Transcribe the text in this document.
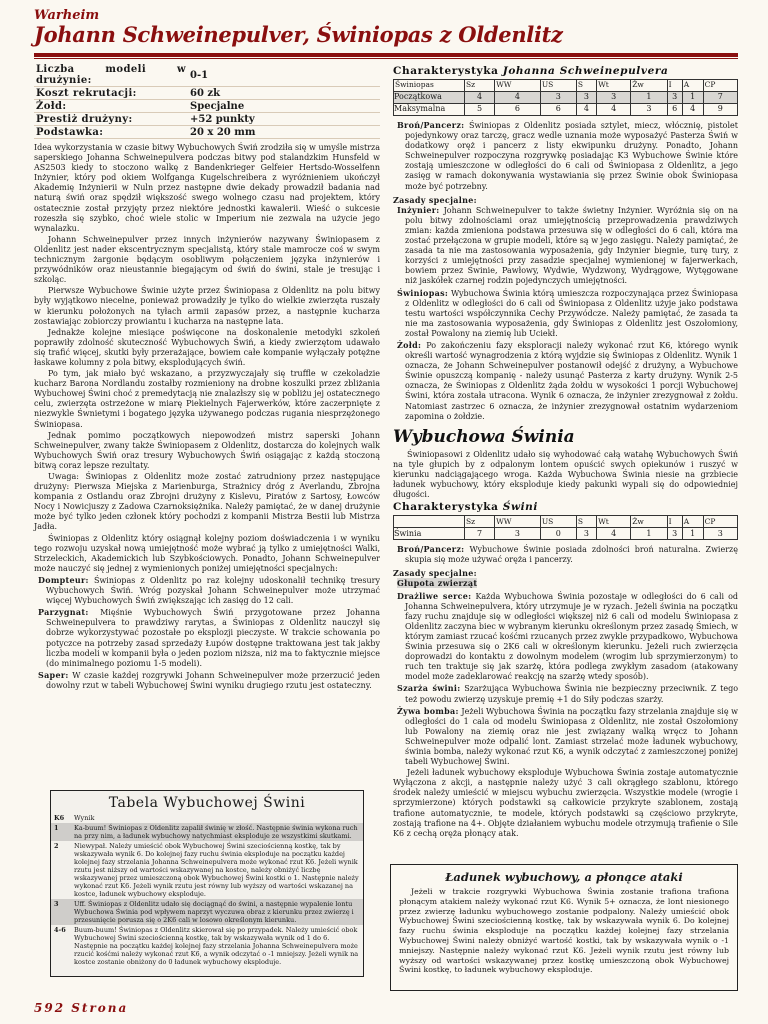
Warheim
Johann Schweinepulver, Świniopas z Oldenlitz
Liczba modeli w drużynie:	0-1
Koszt rekrutacji:	60 zk
Żołd:	Specjalne
Prestiż drużyny:	+52 punkty
Podstawka:	20 x 20 mm

Idea wykorzystania w czasie bitwy Wybuchowych Świń zrodziła się w umyśle mistrza saperskiego Johanna Schweinepulvera podczas bitwy pod stalandzkim Hunsfeld w AS2503 kiedy to stoczono walkę z Bandenkrieger Gelfeier Hertsdo-Wosselfenn Inżynier, który pod okiem Wolfganga Kugelschreibera z wyróżnieniem ukończył Akademię Inżynierii w Nuln przez następne dwie dekady prowadził badania nad naturą świń oraz spędził większość swego wolnego czasu nad projektem, który ostatecznie został przyjęty przez niektóre jednostki kawalerii. Wieść o sukcesie rozeszła się szybko, choć wiele stolic w Imperium nie zezwala na użycie jego wynalazku.

Johann Schweinepulver przez innych inżynierów nazywany Świniopasem z Oldenlitz jest nader ekscentrycznym specjalistą, który stale mamrocze coś w swym technicznym żargonie będącym osobliwym połączeniem języka inżynierów i przywódników oraz nieustannie biegającym od świń do świni, stale je tresując i szkoląc.

Pierwsze Wybuchowe Świnie użyte przez Świniopasa z Oldenlitz na polu bitwy były wyjątkowo niecelne, ponieważ prowadziły je tylko do wielkie zwierzęta ruszały w kierunku położonych na tyłach armii zapasów przez, a następnie kucharza zostawiając zobiorczy prowiantu i kucharza na następne lata.

Jednakże kolejne miesiące poświęcone na doskonalenie metodyki szkoleń poprawiły zdolność skuteczność Wybuchowych Świń, a kiedy zwierzętom udawało się trafić więcej, skutki były przerażające, bowiem całe kompanie wyłączały potężne łaskawe kolumny z pola bitwy, eksplodujących świń.

Po tym, jak miało być wskazano, a przyzwyczajały się truffle w czekoladzie kucharz Barona Nordlandu zostałby rozmieniony na drobne koszulki przez zbliżania Wybuchowej Świni choć z premedytacją nie znalazłszy się w pobliżu jej ostatecznego celu, zwierzęta ostrzeżone w miarę Piekielnych Fajerwerków, które zaczerpnięte z niezwykle Śwnietymi i bogatego języka używanego podczas rugania niesprzężonego Świniopasa.

Jednak pomimo początkowych niepowodzeń mistrz saperski Johann Schweinepulver, zwany także Świniopasem z Oldenlitz, dostarcza do kolejnych walk Wybuchowych Świń oraz tresury Wybuchowych Świń osiągając z każdą stoczoną bitwą coraz lepsze rezultaty.

Uwaga: Świniopas z Oldenlitz może zostać zatrudniony przez następujące drużyny: Pierwsza Miejska z Marienburga, Strażnicy dróg z Averlandu, Zbrojna kompania z Ostlandu oraz Zbrojni drużyny z Kislevu, Piratów z Sartosy, Łowców Nocy i Nowicjuszy z Zadowa Czarnoksiężnika. Należy pamiętać, że w danej drużynie może być tylko jeden członek który pochodzi z kompanii Mistrza Bestii lub Mistrza Jadła.

Świniopas z Oldenlitz który osiągnął kolejny poziom doświadczenia i w wyniku tego rozwoju uzyskał nową umiejętność może wybrać ją tylko z umiejętności Walki, Strzeleckich, Akademickich lub Szybkościowych. Ponadto, Johann Schweinepulver może nauczyć się jednej z wymienionych poniżej umiejętności specjalnych:

Dompteur: Świniopas z Oldenlitz po raz kolejny udoskonalił technikę tresury Wybuchowych Świń. Wróg pozyskał Johann Schweinepulver może utrzymać więcej Wybuchowych Świń zwiększając ich zasięg do 12 cali.
Parzygnat: Mięśnie Wybuchowych Świń przygotowane przez Johanna Schweinepulvera to prawdziwy rarytas, a Świniopas z Oldenlitz nauczył się dobrze wykorzystywać pozostałe po eksplozji pieczyste. W trakcie schowania po potyczce na potrzeby zasad sprzedaży Łupów dostępne traktowana jest tak jakby liczba modeli w kompanii była o jeden poziom niższa, niż ma to faktycznie miejsce (do minimalnego poziomu 1-5 modeli).
Saper: W czasie każdej rozgrywki Johann Schweinepulver może przerzucić jeden dowolny rzut w tabeli Wybuchowej Świni wyniku drugiego rzutu jest ostateczny.
Tabela Wybuchowej Świni
K6	Wynik
1	Ka-buum! Świniopas z Oldenlitz zapalił świnię w złość. Następnie świnia wykona ruch na przy nim, a ładunek wybuchowy natychmiast eksploduje ze wszystkimi skutkami.
2	Niewypał. Należy umieścić obok Wybuchowej Świni szeciościenną kostkę, tak by wskazywała wynik 6. Do kolejnej fazy ruchu świnia eksploduje na początku każdej kolejnej fazy strzelania Johanna Schweinepulvera może wykonać rzut K6. Jeżeli wynik rzutu jest niższy od wartości wskazywanej na kostce, należy obniżyć liczbę wskazywanej przez umieszczoną obok Wybuchowej Świni kostki o 1. Następnie należy wykonać rzut K6. Jeżeli wynik rzutu jest równy lub wyższy od wartości wskazanej na kostce, ładunek wybuchowy eksploduje.
3	Uff. Świniopas z Oldenlitz udało się dociągnąć do świni, a następnie wypalenie lontu Wybuchowa Świnia pod wpływem naprzyt wyczuwa obraz z kierunku przez zwierzę i przesunięcie porusza się o 2K6 cali w losowo określonym kierunku.
4-6	Buum-buum! Świniopas z Oldenlitz skierował się po przypadek. Należy umieścić obok Wybuchowej Świni szeciościenną kostkę, tak by wskazywała wynik od 1 do 6. Następnie na początku każdej kolejnej fazy strzelania Johanna Schweinepulvera może rzucić kośćmi należy wykonać rzut K6, a wynik odczytać o -1 mniejszy. Jeżeli wynik na kostce zostanie obniżony do 0 ładunek wybuchowy eksploduje.
Charakterystyka Johanna Schweinepulvera
Świniopas	Sz	WW	US	S	Wt	Żw	I	A	CP
Początkowa	4	4	3	3	3	1	3	1	7
Maksymalna	5	6	6	4	4	3	6	4	9
Broń/Pancerz: Świniopas z Oldenlitz posiada sztylet, miecz, włócznię, pistolet pojedynkowy oraz tarczę, gracz wedle uznania może wyposażyć Pasterza Świń w dodatkowy oręż i pancerz z listy ekwipunku drużyny. Ponadto, Johann Schweinepulver rozpoczyna rozgrywkę posiadając K3 Wybuchowe Świnie które zostają umieszczone w odległości do 6 cali od Świniopasa z Oldenlitz, a jego zasięg w ramach dokonywania wystawiania się przez Świnie obok Świniopasa może być potrzebny.
Zasady specjalne:
Inżynier: Johann Schweinepulver to także świetny Inżynier. Wyróżnia się on na polu bitwy zdolnościami oraz umiejętnością przeprowadzenia prawdziwych zmian: każda zmieniona podstawa przesuwa się w odległości do 6 cali, która ma zostać przełączona w grupie modeli, które są w jego zasięgu. Należy pamiętać, że zasada ta nie ma zastosowania wyposażenia, gdy Inżynier biegnie, turę tury, z korzyści z umiejętności przy zasadzie specjalnej wymienionej w fajerwerkach, bowiem przez Świnie, Pawłowy, Wydwie, Wydzwony, Wydrągowe, Wytęgowane niż jaskółek czarnej rodzin pojedynczych umiejętności.
Świniopas: Wybuchowa Świnia którą umieszcza rozpoczynająca przez Świniopasa z Oldenlitz w odległości do 6 cali od Świniopasa z Oldenlitz użyje jako podstawa testu wartości współczynnika Cechy Przywódcze. Należy pamiętać, że zasada ta nie ma zastosowania wyposażenia, gdy Świniopas z Oldenlitz jest Oszołomiony, został Powalony na ziemię lub Uciekł.
Żołd: Po zakończeniu fazy eksploracji należy wykonać rzut K6, którego wynik określi wartość wynagrodzenia z którą wyjdzie się Świniopas z Oldenlitz. Wynik 1 oznacza, że Johann Schweinepulver postanowił odejść z drużyny, a Wybuchowe Świnie opuszczą kompanię - należy usunąć Pasterza z karty drużyny. Wynik 2-5 oznacza, że Świniopas z Oldenlitz żąda żołdu w wysokości 1 porcji Wybuchowej Świni, która została utracona. Wynik 6 oznacza, że inżynier zrezygnował z żołdu. Natomiast zastrzec 6 oznacza, że inżynier zrezygnował ostatnim wydarzeniom zapomina o żołdzie.
Wybuchowa Świnia

Świniopasowi z Oldenlitz udało się wyhodować całą watahę Wybuchowych Świń na tyle głupich by z odpalonym lontem opuścić swych opiekunów i ruszyć w kierunku nadciągającego wroga. Każda Wybuchowa Świnia niesie na grzbiecie ładunek wybuchowy, który eksploduje kiedy pakunki wypali się do odpowiedniej długości.

Charakterystyka Świni
	Sz	WW	US	S	Wt	Żw	I	A	CP
Świnia	7	3	0	3	4	1	3	1	3
Broń/Pancerz: Wybuchowe Świnie posiada zdolności broń naturalna. Zwierzę skupia się może używać oręża i pancerzy.
Zasady specjalne:
Głupota zwierząt
Drażliwe serce: Każda Wybuchowa Świnia pozostaje w odległości do 6 cali od Johanna Schweinepulvera, który utrzymuje je w ryzach. Jeżeli świnia na początku fazy ruchu znajduje się w odległości większej niż 6 cali od modelu Świniopasa z Oldenlitz zaczyna biec w wybranym kierunku określonym przez zasadę Śmiech, w którym zamiast rzucać kośćmi rzucanych przez zwykle przypadkowo, Wybuchowa Świnia przesuwa się o 2K6 cali w określonym kierunku. Jeżeli ruch zwierzęcia doprowadzi do kontaktu z dowolnym modelem (wrogim lub sprzymierzonym) to ruch ten traktuje się jak szarżę, która podlega zwykłym zasadom (atakowany model może zadeklarować reakcję na szarżę wtedy sposób).
Szarża świni: Szarżująca Wybuchowa Świnia nie bezpieczny przeciwnik. Z tego też powodu zwierzę uzyskuje premię +1 do Siły podczas szarży.
Żywa bomba: Jeżeli Wybuchowa Świnia na początku fazy strzelania znajduje się w odległości do 1 cala od modelu Świniopasa z Oldenlitz, nie został Oszołomiony lub Powalony na ziemię oraz nie jest związany walką wręcz to Johann Schweinepulver może odpalić lont. Zamiast strzelać może ładunek wybuchowy, świnia bomba, należy wykonać rzut K6, a wynik odczytać z zamieszczonej poniżej tabeli Wybuchowej Świni.

Jeżeli ładunek wybuchowy eksploduje Wybuchowa Świnia zostaje automatycznie Wyłączona z akcji, a następnie należy użyć 3 cali okrągłego szablonu, którego środek należy umieścić w miejscu wybuchu zwierzęcia. Wszystkie modele (wrogie i sprzymierzone) których podstawki są całkowicie przykryte szablonem, zostają trafione automatycznie, te modele, których podstawki są częściowo przykryte, zostają trafione na 4+. Objęte działaniem wybuchu modele otrzymują trafienie o Sile K6 z cechą oręża płonący atak.

Ładunek wybuchowy, a płonące ataki
Jeżeli w trakcie rozgrywki Wybuchowa Świnia zostanie trafiona trafiona płonącym atakiem należy wykonać rzut K6. Wynik 5+ oznacza, że lont niesionego przez zwierzę ładunku wybuchowego zostanie podpalony. Należy umieścić obok Wybuchowej Świni szeciościenną kostkę, tak by wskazywała wynik 6. Do kolejnej fazy ruchu świnia eksploduje na początku każdej kolejnej fazy strzelania Wybuchowej Świni należy obniżyć wartość kostki, tak by wskazywała wynik o -1 mniejszy. Następnie należy wykonać rzut K6. Jeżeli wynik rzutu jest równy lub wyższy od wartości wskazywanej przez kostkę umieszczoną obok Wybuchowej Świni kostkę, to ładunek wybuchowy eksploduje.
592 Strona
